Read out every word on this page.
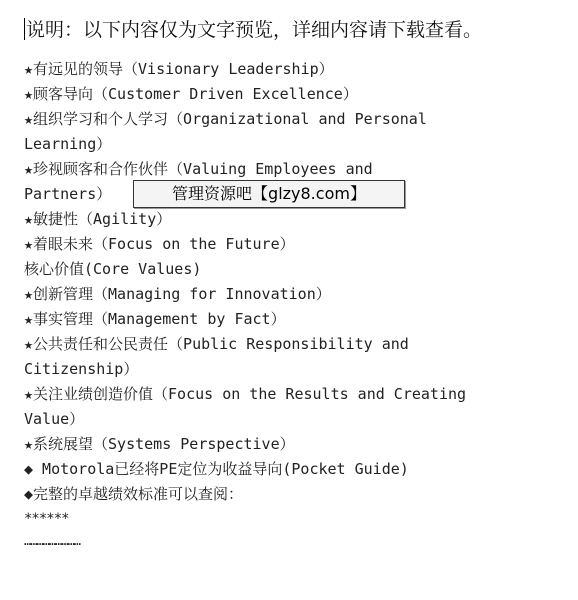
说明：以下内容仅为文字预览，详细内容请下载查看。
★有远见的领导（Visionary Leadership）
★顾客导向（Customer Driven Excellence）
★组织学习和个人学习（Organizational and Personal
Learning）
★珍视顾客和合作伙伴（Valuing Employees and
Partners）
★敏捷性（Agility）
★着眼未来（Focus on the Future）
核心价值(Core Values)
★创新管理（Managing for Innovation）
★事实管理（Management by Fact）
★公共责任和公民责任（Public Responsibility and
Citizenship）
★关注业绩创造价值（Focus on the Results and Creating
Value）
★系统展望（Systems Perspective）
◆ Motorola已经将PE定位为收益导向(Pocket Guide)
◆完整的卓越绩效标准可以查阅：
******
………………………
管理资源吧【glzy8.com】
